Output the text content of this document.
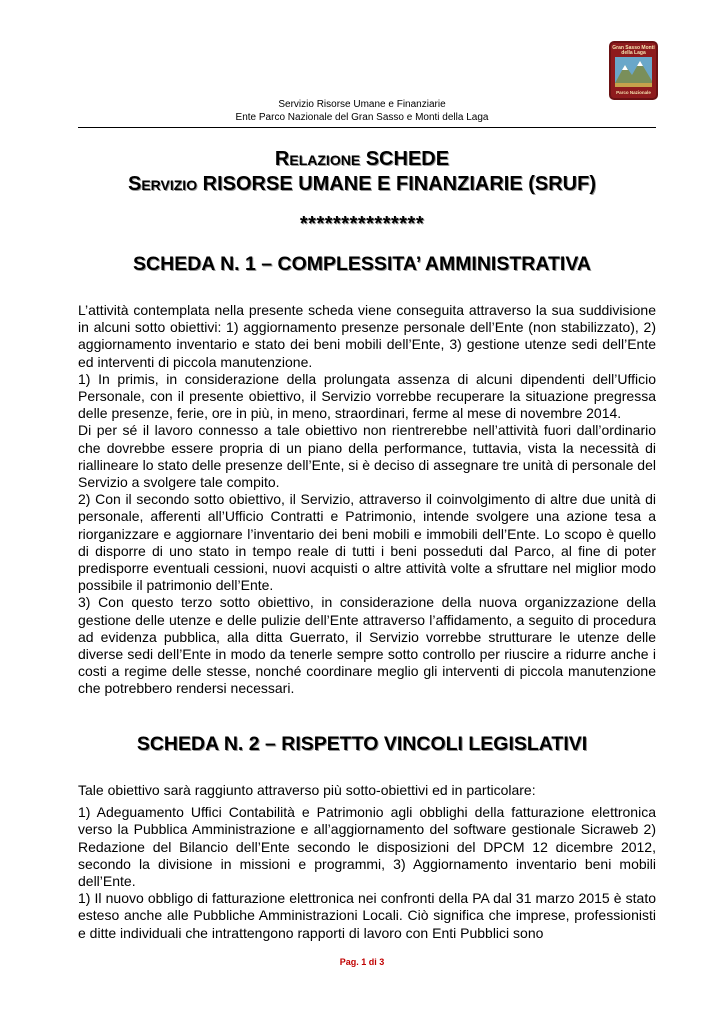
Gran Sasso Monti della Laga
Parco Nazionale
Servizio Risorse Umane e Finanziarie
Ente Parco Nazionale del Gran Sasso e Monti della Laga
RELAZIONE SCHEDE
SERVIZIO RISORSE UMANE E FINANZIARIE (SRUF)
***************
SCHEDA N. 1 – COMPLESSITA’ AMMINISTRATIVA

L’attività contemplata nella presente scheda viene conseguita attraverso la sua suddivisione in alcuni sotto obiettivi: 1) aggiornamento presenze personale dell’Ente (non stabilizzato), 2) aggiornamento inventario e stato dei beni mobili dell’Ente, 3) gestione utenze sedi dell’Ente ed interventi di piccola manutenzione.

1) In primis, in considerazione della prolungata assenza di alcuni dipendenti dell’Ufficio Personale, con il presente obiettivo, il Servizio vorrebbe recuperare la situazione pregressa delle presenze, ferie, ore in più, in meno, straordinari, ferme al mese di novembre 2014.

Di per sé il lavoro connesso a tale obiettivo non rientrerebbe nell’attività fuori dall’ordinario che dovrebbe essere propria di un piano della performance, tuttavia, vista la necessità di riallineare lo stato delle presenze dell’Ente, si è deciso di assegnare tre unità di personale del Servizio a svolgere tale compito.

2) Con il secondo sotto obiettivo, il Servizio, attraverso il coinvolgimento di altre due unità di personale, afferenti all’Ufficio Contratti e Patrimonio, intende svolgere una azione tesa a riorganizzare e aggiornare l’inventario dei beni mobili e immobili dell’Ente. Lo scopo è quello di disporre di uno stato in tempo reale di tutti i beni posseduti dal Parco, al fine di poter predisporre eventuali cessioni, nuovi acquisti o altre attività volte a sfruttare nel miglior modo possibile il patrimonio dell’Ente.

3) Con questo terzo sotto obiettivo, in considerazione della nuova organizzazione della gestione delle utenze e delle pulizie dell’Ente attraverso l’affidamento, a seguito di procedura ad evidenza pubblica, alla ditta Guerrato, il Servizio vorrebbe strutturare le utenze delle diverse sedi dell’Ente in modo da tenerle sempre sotto controllo per riuscire a ridurre anche i costi a regime delle stesse, nonché coordinare meglio gli interventi di piccola manutenzione che potrebbero rendersi necessari.

SCHEDA N. 2 – RISPETTO VINCOLI LEGISLATIVI

Tale obiettivo sarà raggiunto attraverso più sotto-obiettivi ed in particolare:

1) Adeguamento Uffici Contabilità e Patrimonio agli obblighi della fatturazione elettronica verso la Pubblica Amministrazione e all’aggiornamento del software gestionale Sicraweb 2) Redazione del Bilancio dell’Ente secondo le disposizioni del DPCM 12 dicembre 2012, secondo la divisione in missioni e programmi, 3) Aggiornamento inventario beni mobili dell’Ente.

1) Il nuovo obbligo di fatturazione elettronica nei confronti della PA dal 31 marzo 2015 è stato esteso anche alle Pubbliche Amministrazioni Locali. Ciò significa che imprese, professionisti e ditte individuali che intrattengono rapporti di lavoro con Enti Pubblici sono

Pag. 1 di 3
